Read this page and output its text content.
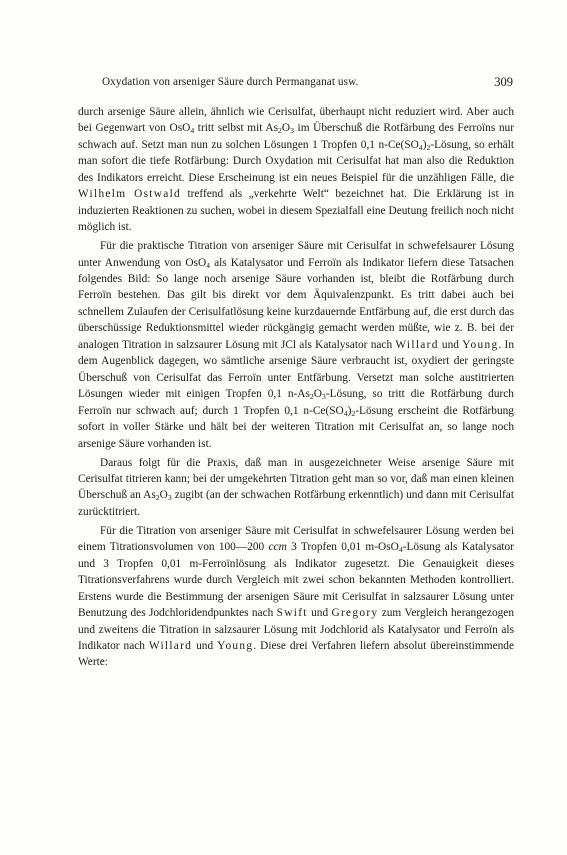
Oxydation von arseniger Säure durch Permanganat usw.	309

durch arsenige Säure allein, ähnlich wie Cerisulfat, überhaupt nicht reduziert wird. Aber auch bei Gegenwart von OsO$_4$ tritt selbst mit $As_2O_3$ im Überschuß die Rotfärbung des Ferroïns nur schwach auf. Setzt man nun zu solchen Lösungen 1 Tropfen 0,1 $n-Ce(SO_4)_2$-Lösung, so erhält man sofort die tiefe Rotfärbung: Durch Oxydation mit Cerisulfat hat man also die Reduktion des Indikators erreicht. Diese Erscheinung ist ein neues Beispiel für die unzähligen Fälle, die Wilhelm Ostwald treffend als „verkehrte Welt“ bezeichnet hat. Die Erklärung ist in induzierten Reaktionen zu suchen, wobei in diesem Spezialfall eine Deutung freilich noch nicht möglich ist.

Für die praktische Titration von arseniger Säure mit Cerisulfat in schwefelsaurer Lösung unter Anwendung von OsO$_4$ als Katalysator und Ferroïn als Indikator liefern diese Tatsachen folgendes Bild: So lange noch arsenige Säure vorhanden ist, bleibt die Rotfärbung durch Ferroïn bestehen. Das gilt bis direkt vor dem Äquivalenzpunkt. Es tritt dabei auch bei schnellem Zulaufen der Cerisulfatlösung keine kurzdauernde Entfärbung auf, die erst durch das überschüssige Reduktionsmittel wieder rückgängig gemacht werden müßte, wie z. B. bei der analogen Titration in salzsaurer Lösung mit JCl als Katalysator nach Willard und Young. In dem Augenblick dagegen, wo sämtliche arsenige Säure verbraucht ist, oxydiert der geringste Überschuß von Cerisulfat das Ferroïn unter Entfärbung. Versetzt man solche austitrierten Lösungen wieder mit einigen Tropfen 0,1 $n-As_2O_3$-Lösung, so tritt die Rotfärbung durch Ferroïn nur schwach auf; durch 1 Tropfen 0,1 $n-Ce(SO_4)_2$-Lösung erscheint die Rotfärbung sofort in voller Stärke und hält bei der weiteren Titration mit Cerisulfat an, so lange noch arsenige Säure vorhanden ist.

Daraus folgt für die Praxis, daß man in ausgezeichneter Weise arsenige Säure mit Cerisulfat titrieren kann; bei der umgekehrten Titration geht man so vor, daß man einen kleinen Überschuß an $As_2O_3$ zugibt (an der schwachen Rotfärbung erkenntlich) und dann mit Cerisulfat zurücktitriert.

Für die Titration von arseniger Säure mit Cerisulfat in schwefelsaurer Lösung werden bei einem Titrationsvolumen von 100—200 ccm 3 Tropfen 0,01 m-OsO$_4$-Lösung als Katalysator und 3 Tropfen 0,01 m-Ferroïnlösung als Indikator zugesetzt. Die Genauigkeit dieses Titrationsverfahrens wurde durch Vergleich mit zwei schon bekannten Methoden kontrolliert. Erstens wurde die Bestimmung der arsenigen Säure mit Cerisulfat in salzsaurer Lösung unter Benutzung des Jodchloridendpunktes nach Swift und Gregory zum Vergleich herangezogen und zweitens die Titration in salzsaurer Lösung mit Jodchlorid als Katalysator und Ferroïn als Indikator nach Willard und Young. Diese drei Verfahren liefern absolut übereinstimmende Werte:
